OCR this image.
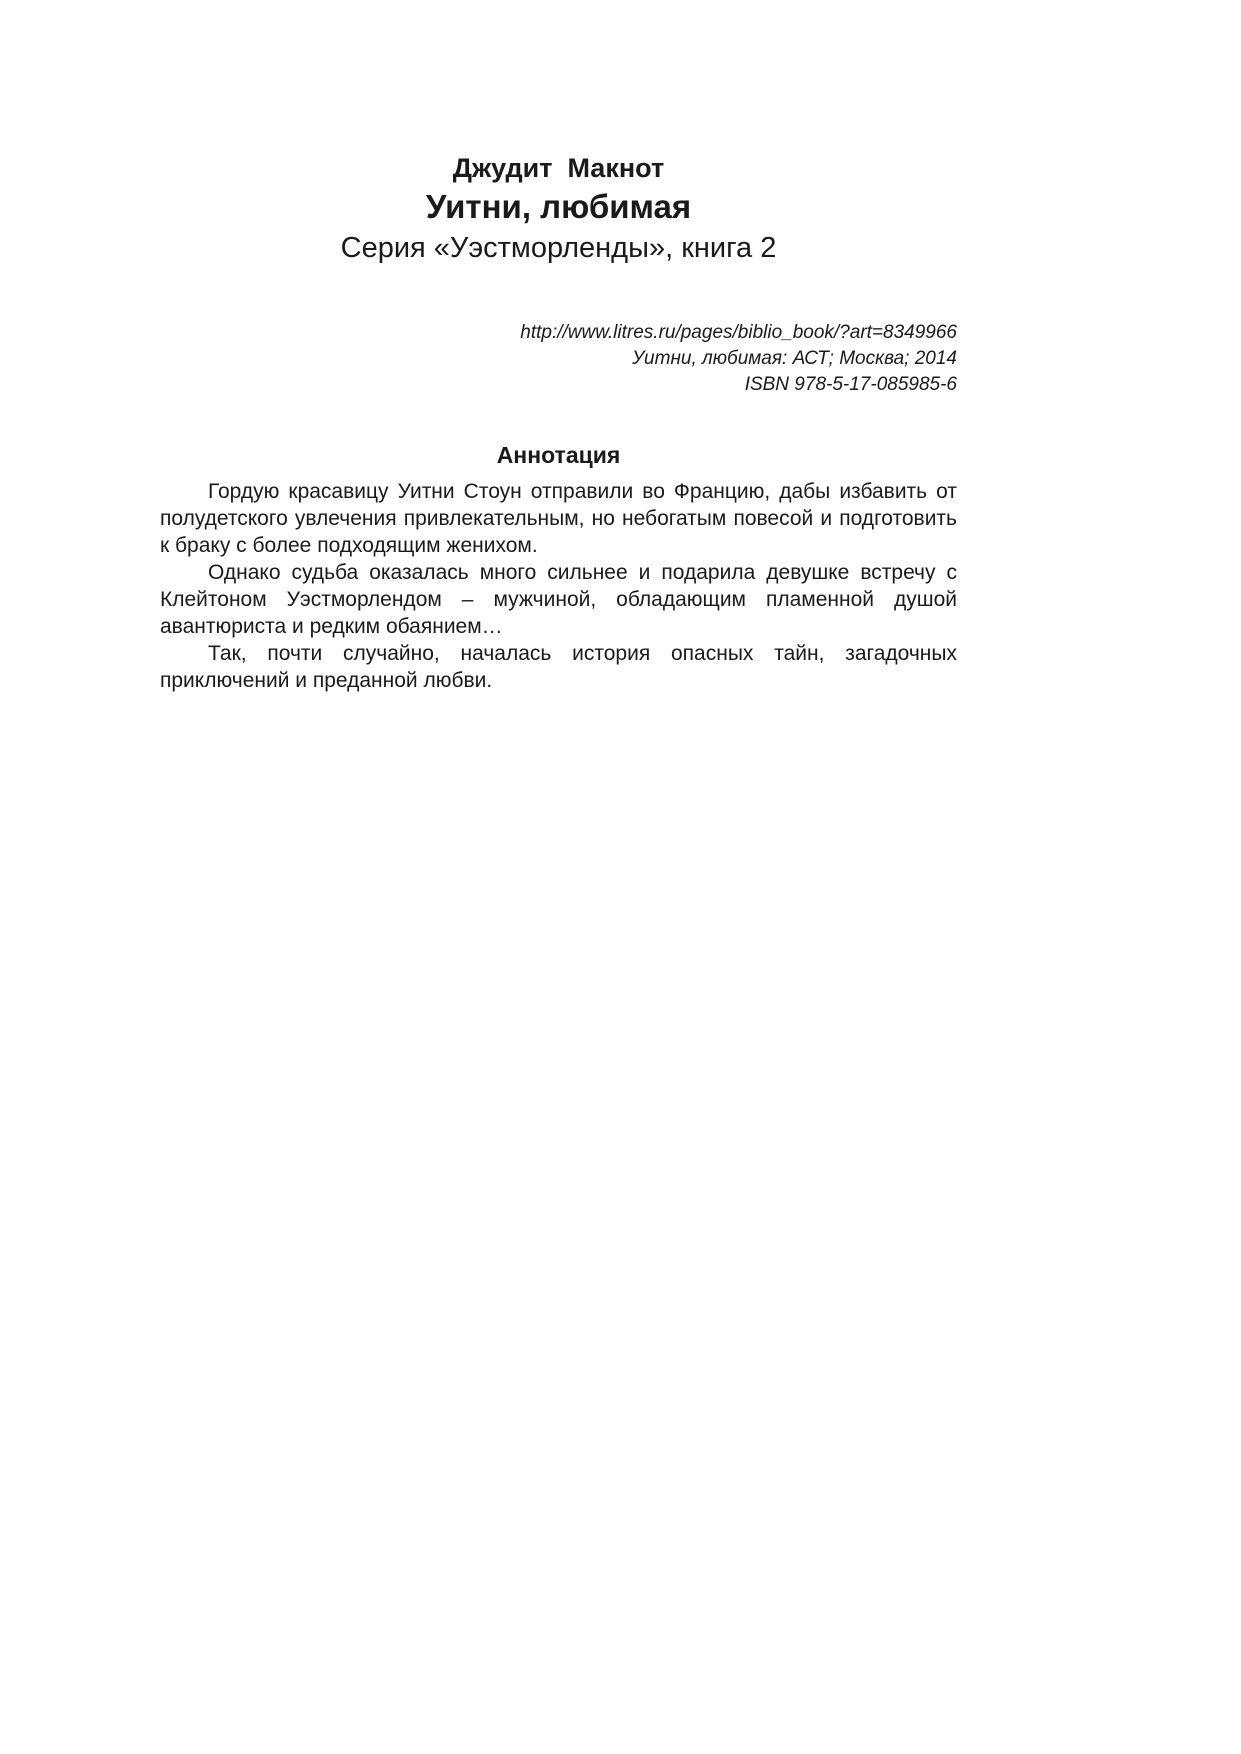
Джудит  Макнот
Уитни, любимая
Серия «Уэстморленды», книга 2
http://www.litres.ru/pages/biblio_book/?art=8349966
Уитни, любимая: АСТ; Москва; 2014
ISBN 978-5-17-085985-6
Аннотация

Гордую красавицу Уитни Стоун отправили во Францию, дабы избавить от полудетского увлечения привлекательным, но небогатым повесой и подготовить к браку с более подходящим женихом.

Однако судьба оказалась много сильнее и подарила девушке встречу с Клейтоном Уэстморлендом – мужчиной, обладающим пламенной душой авантюриста и редким обаянием…

Так, почти случайно, началась история опасных тайн, загадочных приключений и преданной любви.
